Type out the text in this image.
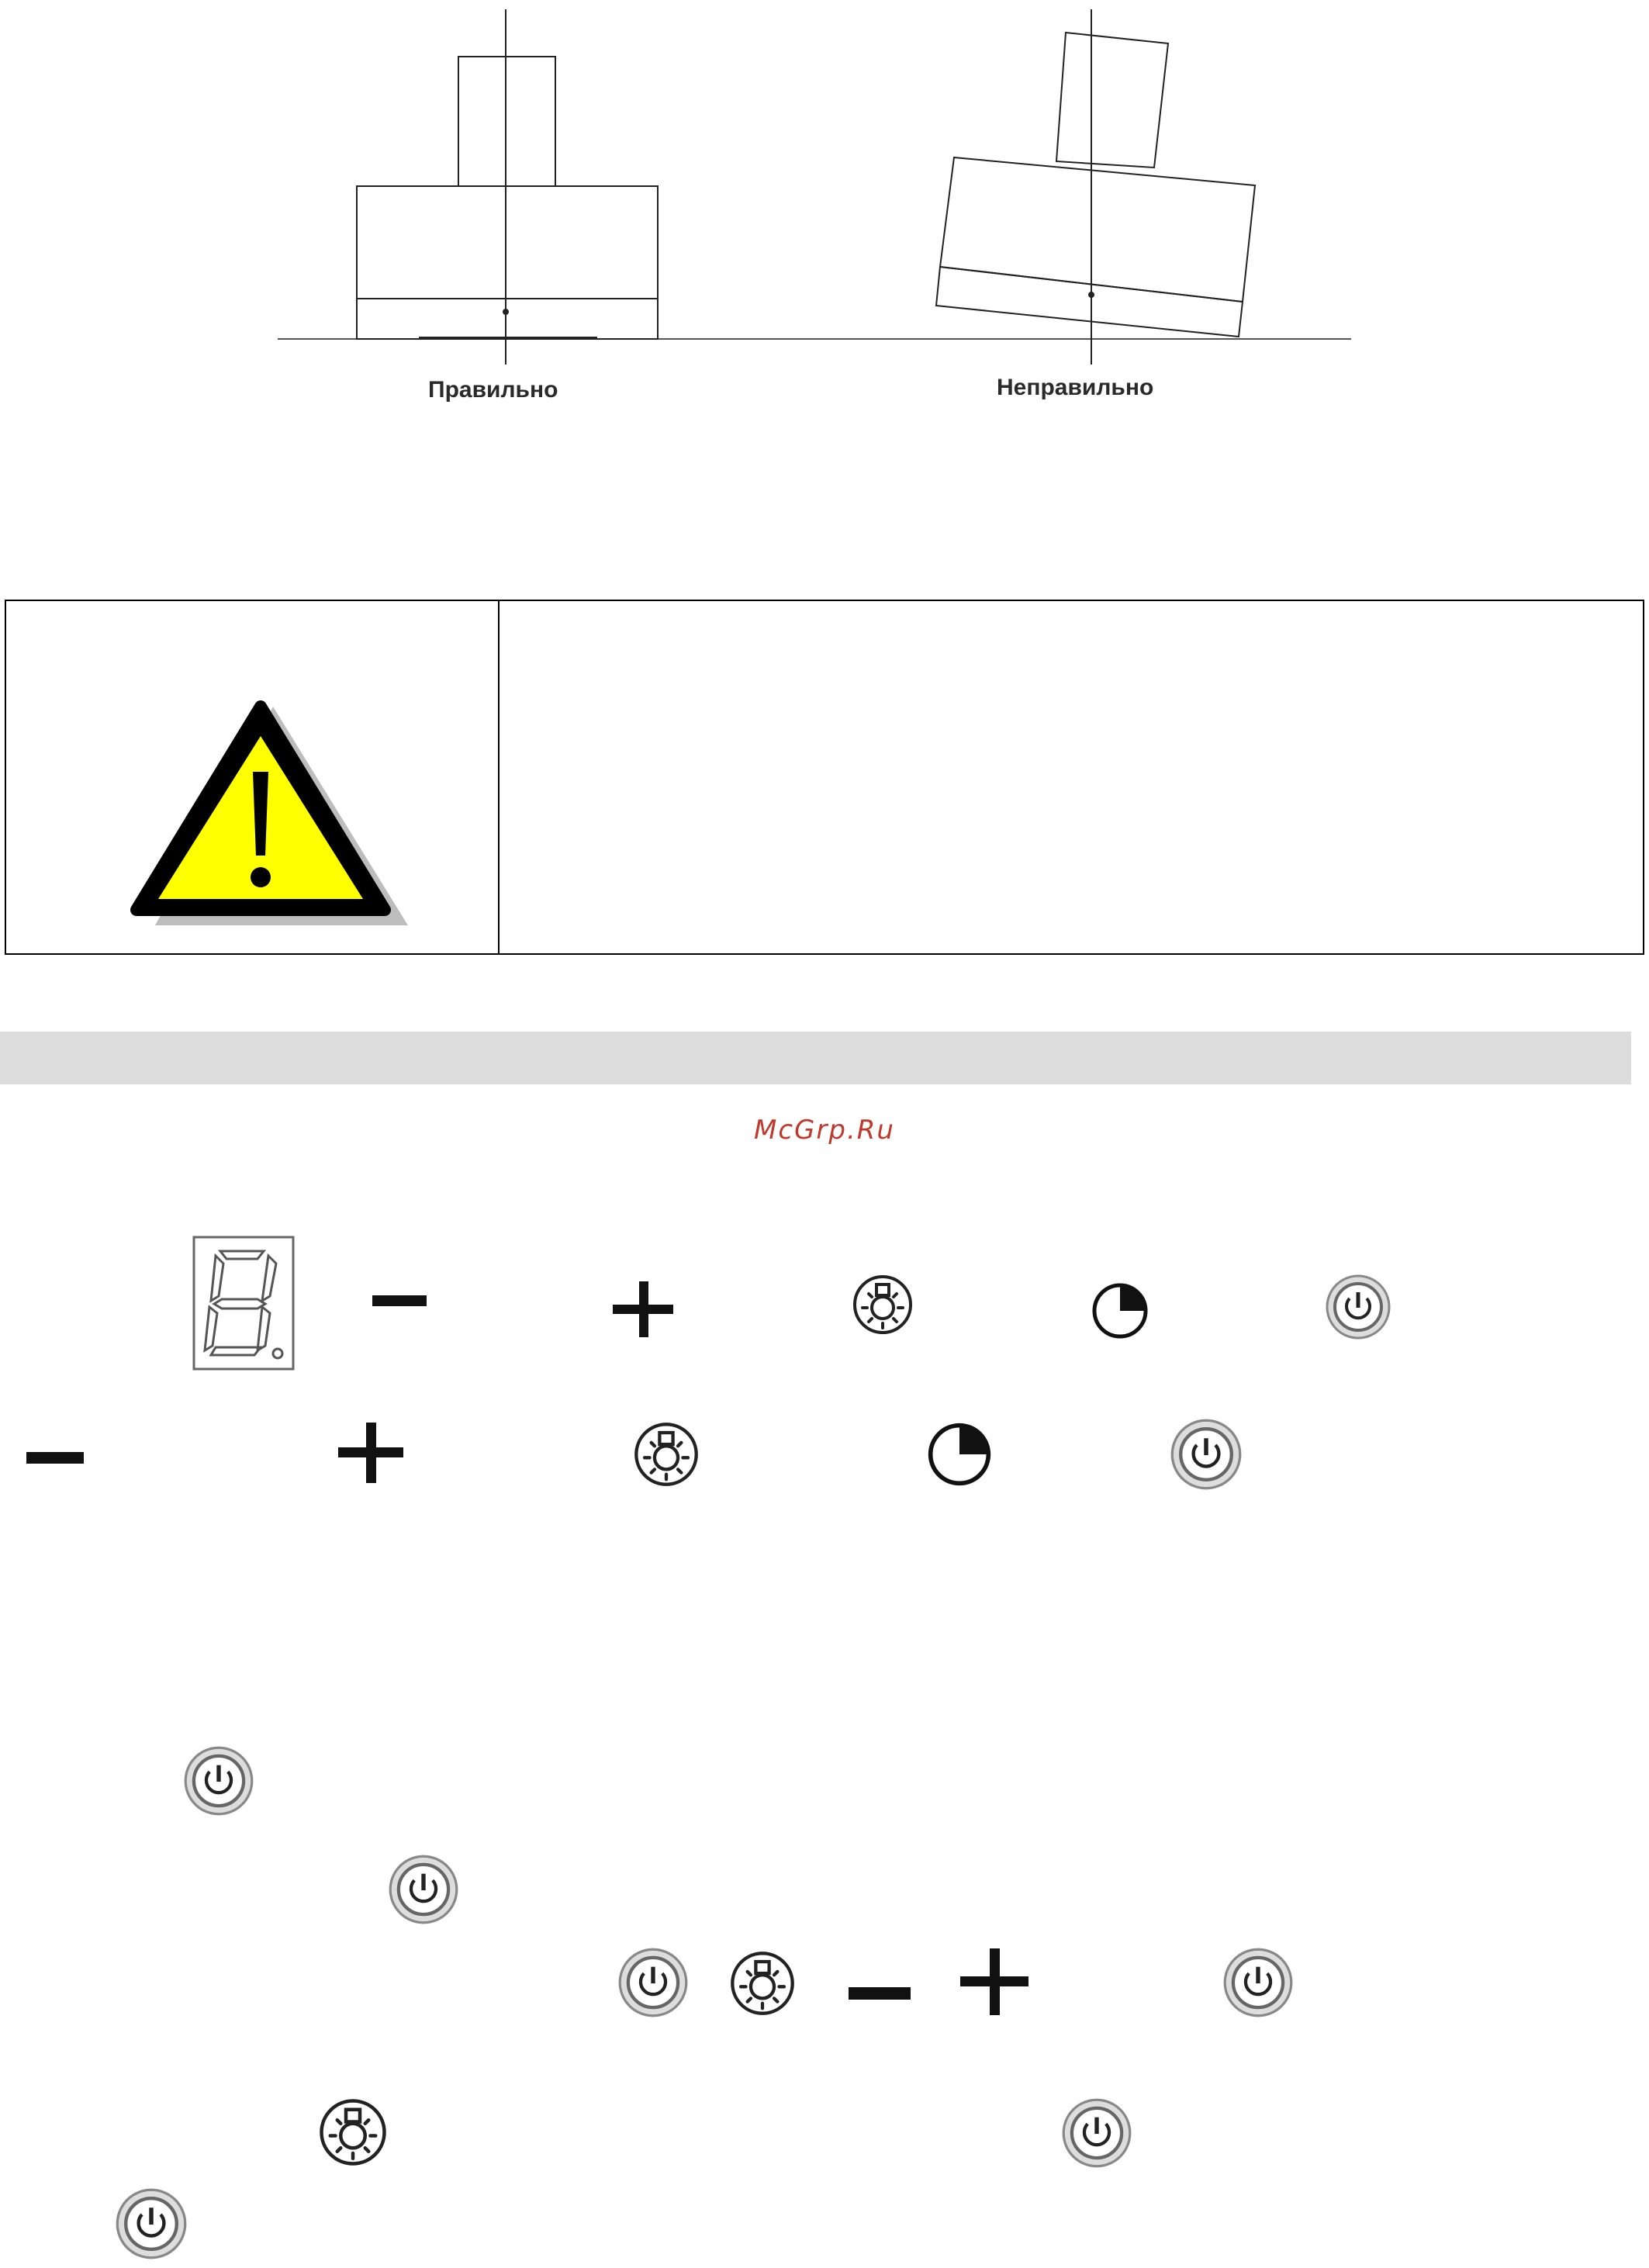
Правильно	Неправильно
McGrp.Ru
